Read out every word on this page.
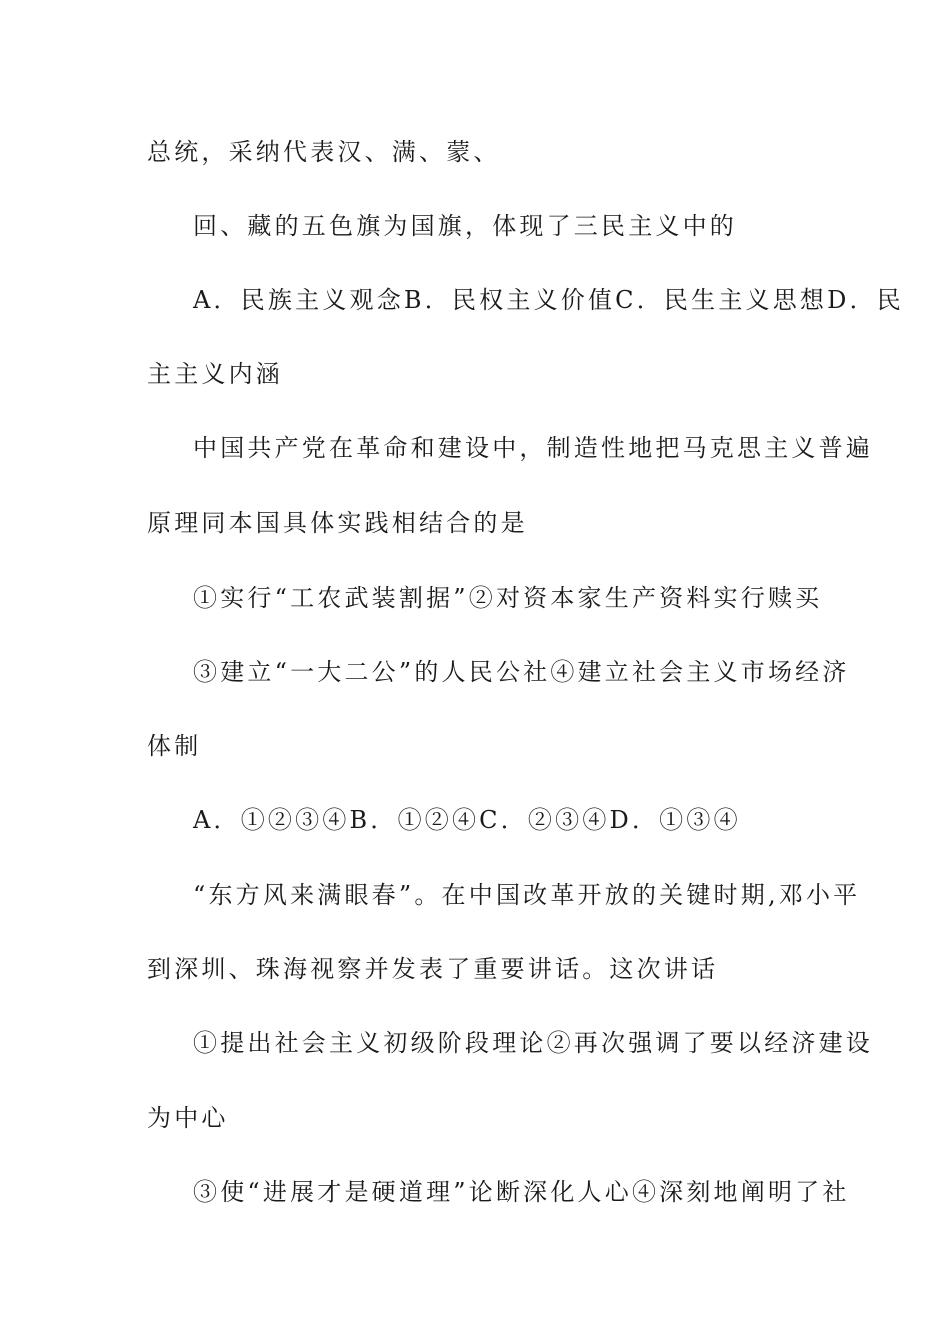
总统，采纳代表汉、满、蒙、
回、藏的五色旗为国旗，体现了三民主义中的
A．民族主义观念B．民权主义价值C．民生主义思想D．民
主主义内涵
中国共产党在革命和建设中，制造性地把马克思主义普遍
原理同本国具体实践相结合的是
①实行“工农武装割据”②对资本家生产资料实行赎买
③建立“一大二公”的人民公社④建立社会主义市场经济
体制
A．①②③④B．①②④C．②③④D．①③④
“东方风来满眼春”。在中国改革开放的关键时期,邓小平
到深圳、珠海视察并发表了重要讲话。这次讲话
①提出社会主义初级阶段理论②再次强调了要以经济建设
为中心
③使“进展才是硬道理”论断深化人心④深刻地阐明了社
